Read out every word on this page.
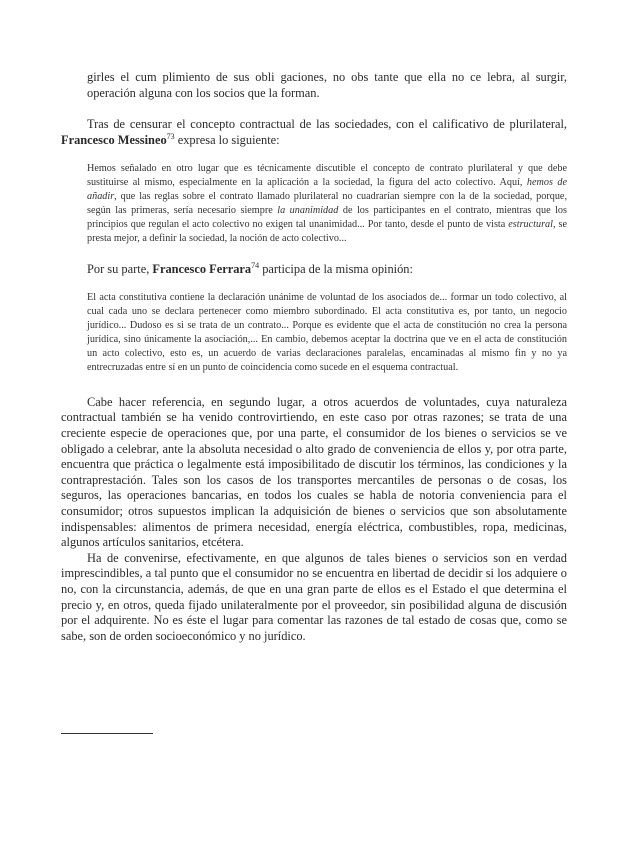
girles el cum plimiento de sus obli gaciones, no obs tante que ella no ce lebra, al surgir, operación alguna con los socios que la forman.

Tras de censurar el concepto contractual de las sociedades, con el calificativo de plurilateral, Francesco Messineo$^{73}$ expresa lo siguiente:

Hemos señalado en otro lugar que es técnicamente discutible el concepto de contrato plurilateral y que debe sustituirse al mismo, especialmente en la aplicación a la sociedad, la figura del acto colectivo. Aquí, hemos de añadir, que las reglas sobre el contrato llamado plurilateral no cuadrarían siempre con la de la sociedad, porque, según las primeras, sería necesario siempre la unanimidad de los participantes en el contrato, mientras que los principios que regulan el acto colectivo no exigen tal unanimidad... Por tanto, desde el punto de vista estructural, se presta mejor, a definir la sociedad, la noción de acto colectivo...

Por su parte, Francesco Ferrara$^{74}$ participa de la misma opinión:

El acta constitutiva contiene la declaración unánime de voluntad de los asociados de... formar un todo colectivo, al cual cada uno se declara pertenecer como miembro subordinado. El acta constitutiva es, por tanto, un negocio jurídico... Dudoso es si se trata de un contrato... Porque es evidente que el acta de constitución no crea la persona jurídica, sino únicamente la asociación,... En cambio, debemos aceptar la doctrina que ve en el acta de constitución un acto colectivo, esto es, un acuerdo de varias declaraciones paralelas, encaminadas al mismo fin y no ya entrecruzadas entre sí en un punto de coincidencia como sucede en el esquema contractual.

Cabe hacer referencia, en segundo lugar, a otros acuerdos de voluntades, cuya naturaleza contractual también se ha venido controvirtiendo, en este caso por otras razones; se trata de una creciente especie de operaciones que, por una parte, el consumidor de los bienes o servicios se ve obligado a celebrar, ante la absoluta necesidad o alto grado de conveniencia de ellos y, por otra parte, encuentra que práctica o legalmente está imposibilitado de discutir los términos, las condiciones y la contraprestación. Tales son los casos de los transportes mercantiles de personas o de cosas, los seguros, las operaciones bancarias, en todos los cuales se habla de notoria conveniencia para el consumidor; otros supuestos implican la adquisición de bienes o servicios que son absolutamente indispensables: alimentos de primera necesidad, energía eléctrica, combustibles, ropa, medicinas, algunos artículos sanitarios, etcétera.

Ha de convenirse, efectivamente, en que algunos de tales bienes o servicios son en verdad imprescindibles, a tal punto que el consumidor no se encuentra en libertad de decidir si los adquiere o no, con la circunstancia, además, de que en una gran parte de ellos es el Estado el que determina el precio y, en otros, queda fijado unilateralmente por el proveedor, sin posibilidad alguna de discusión por el adquirente. No es éste el lugar para comentar las razones de tal estado de cosas que, como se sabe, son de orden socioeconómico y no jurídico.
